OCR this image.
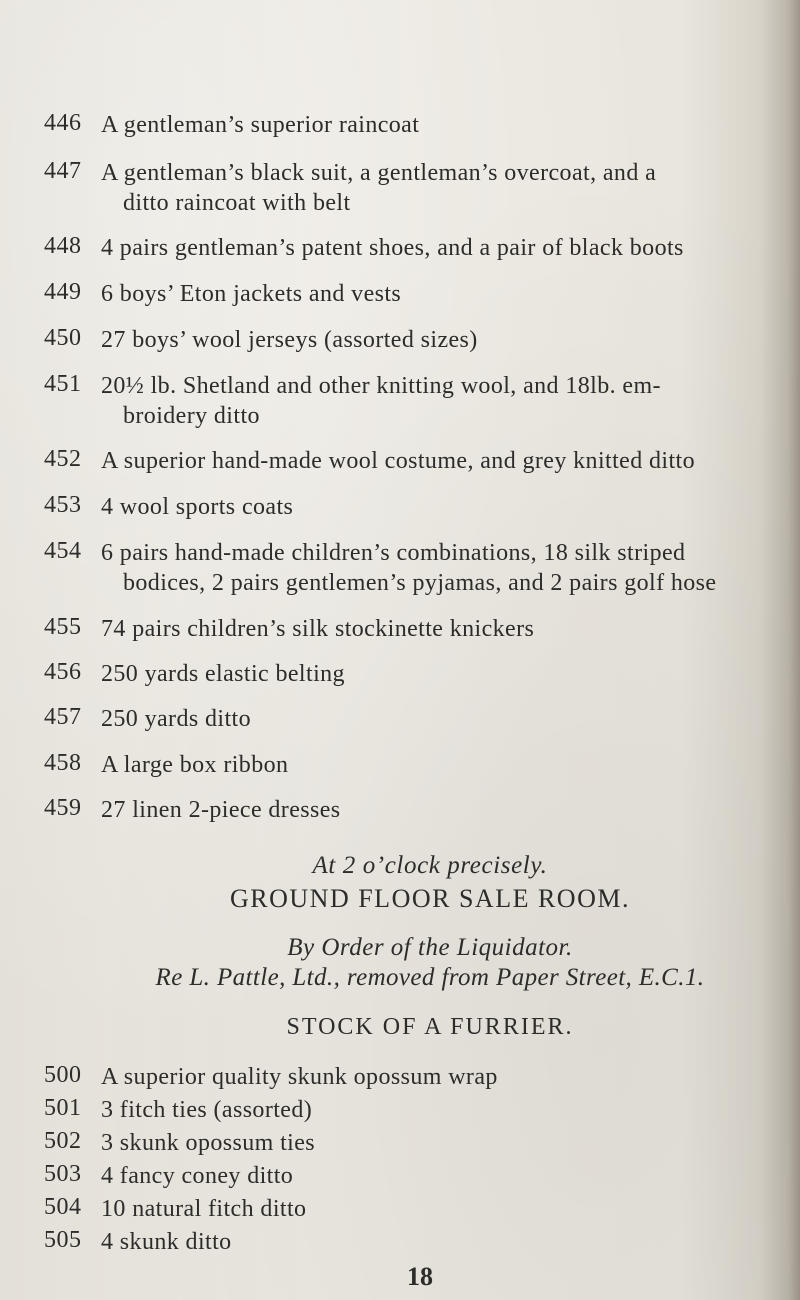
446 A gentleman’s superior raincoat
447 A gentleman’s black suit, a gentleman’s overcoat, and a
ditto raincoat with belt
448 4 pairs gentleman’s patent shoes, and a pair of black boots
449 6 boys’ Eton jackets and vests
450 27 boys’ wool jerseys (assorted sizes)
451 20½ lb. Shetland and other knitting wool, and 18lb. em-
broidery ditto
452 A superior hand-made wool costume, and grey knitted ditto
453 4 wool sports coats
454 6 pairs hand-made children’s combinations, 18 silk striped
bodices, 2 pairs gentlemen’s pyjamas, and 2 pairs golf hose
455 74 pairs children’s silk stockinette knickers
456 250 yards elastic belting
457 250 yards ditto
458 A large box ribbon
459 27 linen 2-piece dresses
At 2 o’clock precisely.
GROUND FLOOR SALE ROOM.
By Order of the Liquidator.
Re L. Pattle, Ltd., removed from Paper Street, E.C.1.
STOCK OF A FURRIER.
500 A superior quality skunk opossum wrap
501 3 fitch ties (assorted)
502 3 skunk opossum ties
503 4 fancy coney ditto
504 10 natural fitch ditto
505 4 skunk ditto
18
